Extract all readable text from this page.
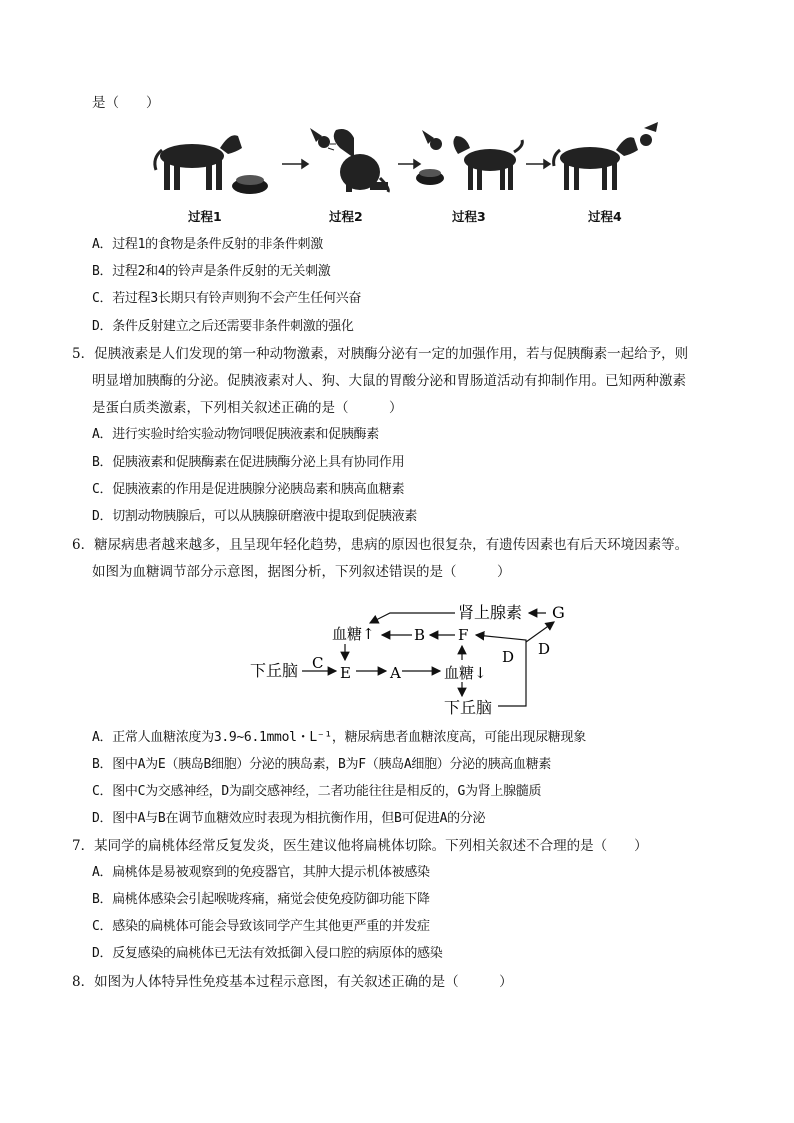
是（　　）
过程1	过程2	过程3	过程4
A．过程1的食物是条件反射的非条件刺激
B．过程2和4的铃声是条件反射的无关刺激
C．若过程3长期只有铃声则狗不会产生任何兴奋
D．条件反射建立之后还需要非条件刺激的强化
5．促胰液素是人们发现的第一种动物激素，对胰酶分泌有一定的加强作用，若与促胰酶素一起给予，则
明显增加胰酶的分泌。促胰液素对人、狗、大鼠的胃酸分泌和胃肠道活动有抑制作用。已知两种激素
是蛋白质类激素，下列相关叙述正确的是（　　　）
A．进行实验时给实验动物饲喂促胰液素和促胰酶素
B．促胰液素和促胰酶素在促进胰酶分泌上具有协同作用
C．促胰液素的作用是促进胰腺分泌胰岛素和胰高血糖素
D．切割动物胰腺后，可以从胰腺研磨液中提取到促胰液素
6．糖尿病患者越来越多，且呈现年轻化趋势，患病的原因也很复杂，有遗传因素也有后天环境因素等。
如图为血糖调节部分示意图，据图分析，下列叙述错误的是（　　　）
肾上腺素 G
血糖↑	B F
下丘脑 C
E	A	血糖↓
D D
下丘脑
A．正常人血糖浓度为3.9~6.1mmol・L⁻¹，糖尿病患者血糖浓度高，可能出现尿糖现象
B．图中A为E（胰岛B细胞）分泌的胰岛素，B为F（胰岛A细胞）分泌的胰高血糖素
C．图中C为交感神经，D为副交感神经，二者功能往往是相反的，G为肾上腺髓质
D．图中A与B在调节血糖效应时表现为相抗衡作用，但B可促进A的分泌
7．某同学的扁桃体经常反复发炎，医生建议他将扁桃体切除。下列相关叙述不合理的是（　　）
A．扁桃体是易被观察到的免疫器官，其肿大提示机体被感染
B．扁桃体感染会引起喉咙疼痛，痛觉会使免疫防御功能下降
C．感染的扁桃体可能会导致该同学产生其他更严重的并发症
D．反复感染的扁桃体已无法有效抵御入侵口腔的病原体的感染
8．如图为人体特异性免疫基本过程示意图，有关叙述正确的是（　　　）
